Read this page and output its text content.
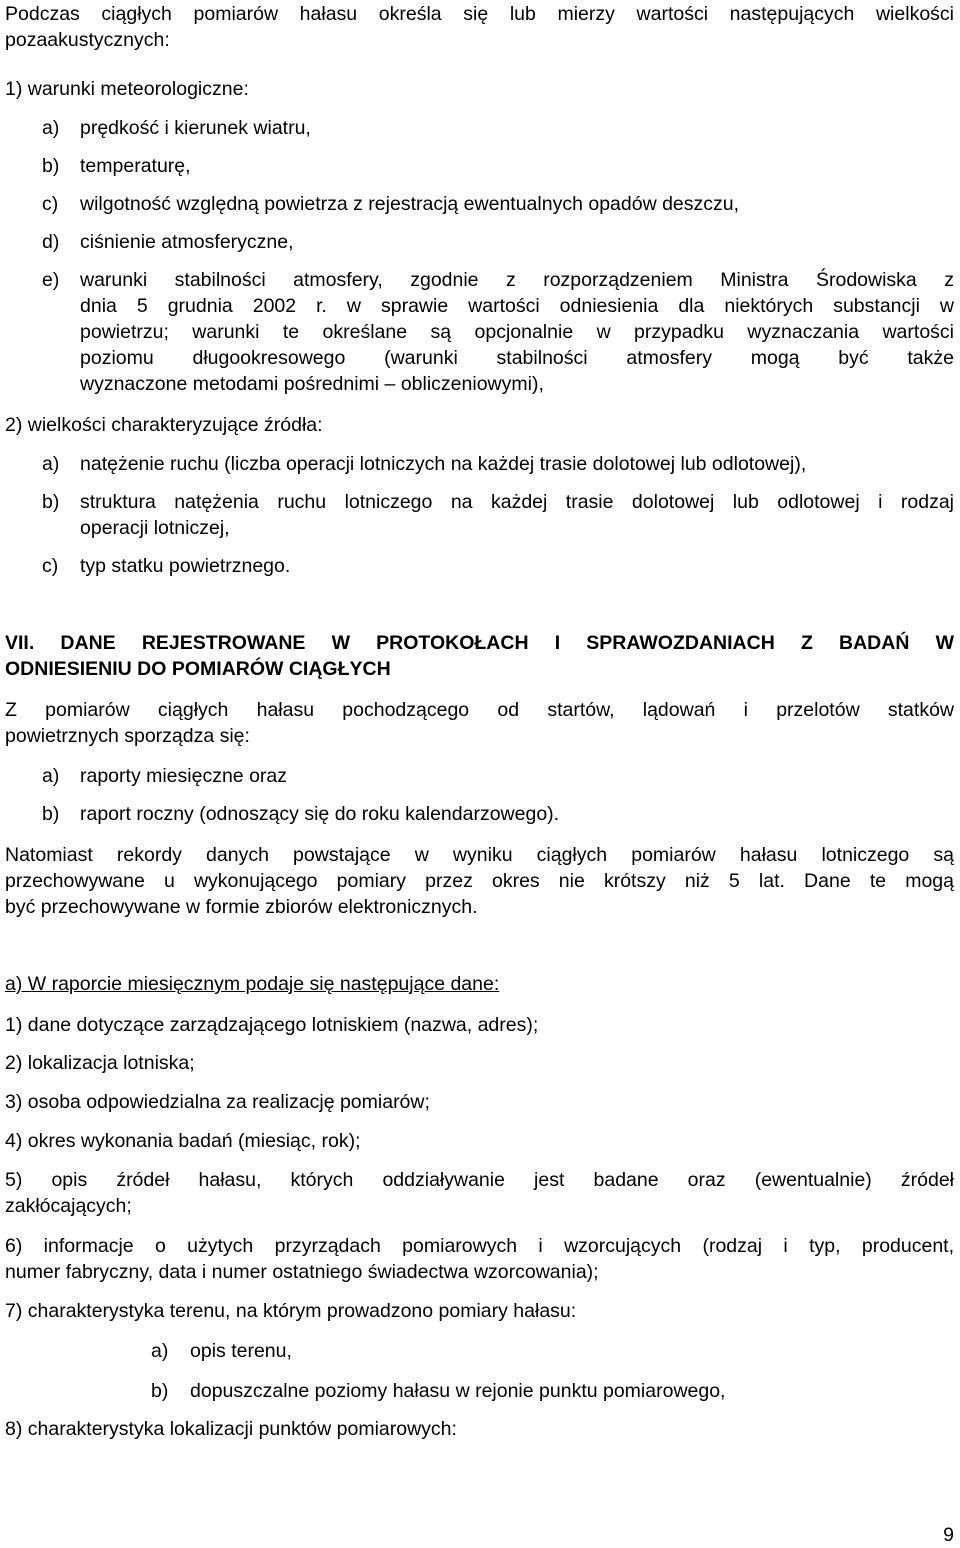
Podczas ciągłych pomiarów hałasu określa się lub mierzy wartości następujących wielkości
pozaakustycznych:
1) warunki meteorologiczne:
a) prędkość i kierunek wiatru,
b) temperaturę,
c) wilgotność względną powietrza z rejestracją ewentualnych opadów deszczu,
d) ciśnienie atmosferyczne,
e) warunki stabilności atmosfery, zgodnie z rozporządzeniem Ministra Środowiska z
dnia 5 grudnia 2002 r. w sprawie wartości odniesienia dla niektórych substancji w
powietrzu; warunki te określane są opcjonalnie w przypadku wyznaczania wartości
poziomu długookresowego (warunki stabilności atmosfery mogą być także
wyznaczone metodami pośrednimi – obliczeniowymi),
2) wielkości charakteryzujące źródła:
a) natężenie ruchu (liczba operacji lotniczych na każdej trasie dolotowej lub odlotowej),
b) struktura natężenia ruchu lotniczego na każdej trasie dolotowej lub odlotowej i rodzaj
operacji lotniczej,
c) typ statku powietrznego.
VII. DANE REJESTROWANE W PROTOKOŁACH I SPRAWOZDANIACH Z BADAŃ W
ODNIESIENIU DO POMIARÓW CIĄGŁYCH
Z pomiarów ciągłych hałasu pochodzącego od startów, lądowań i przelotów statków
powietrznych sporządza się:
a) raporty miesięczne oraz
b) raport roczny (odnoszący się do roku kalendarzowego).
Natomiast rekordy danych powstające w wyniku ciągłych pomiarów hałasu lotniczego są
przechowywane u wykonującego pomiary przez okres nie krótszy niż 5 lat. Dane te mogą
być przechowywane w formie zbiorów elektronicznych.
a) W raporcie miesięcznym podaje się następujące dane:
1) dane dotyczące zarządzającego lotniskiem (nazwa, adres);
2) lokalizacja lotniska;
3) osoba odpowiedzialna za realizację pomiarów;
4) okres wykonania badań (miesiąc, rok);
5) opis źródeł hałasu, których oddziaływanie jest badane oraz (ewentualnie) źródeł
zakłócających;
6) informacje o użytych przyrządach pomiarowych i wzorcujących (rodzaj i typ, producent,
numer fabryczny, data i numer ostatniego świadectwa wzorcowania);
7) charakterystyka terenu, na którym prowadzono pomiary hałasu:
a) opis terenu,
b) dopuszczalne poziomy hałasu w rejonie punktu pomiarowego,
8) charakterystyka lokalizacji punktów pomiarowych:
9
